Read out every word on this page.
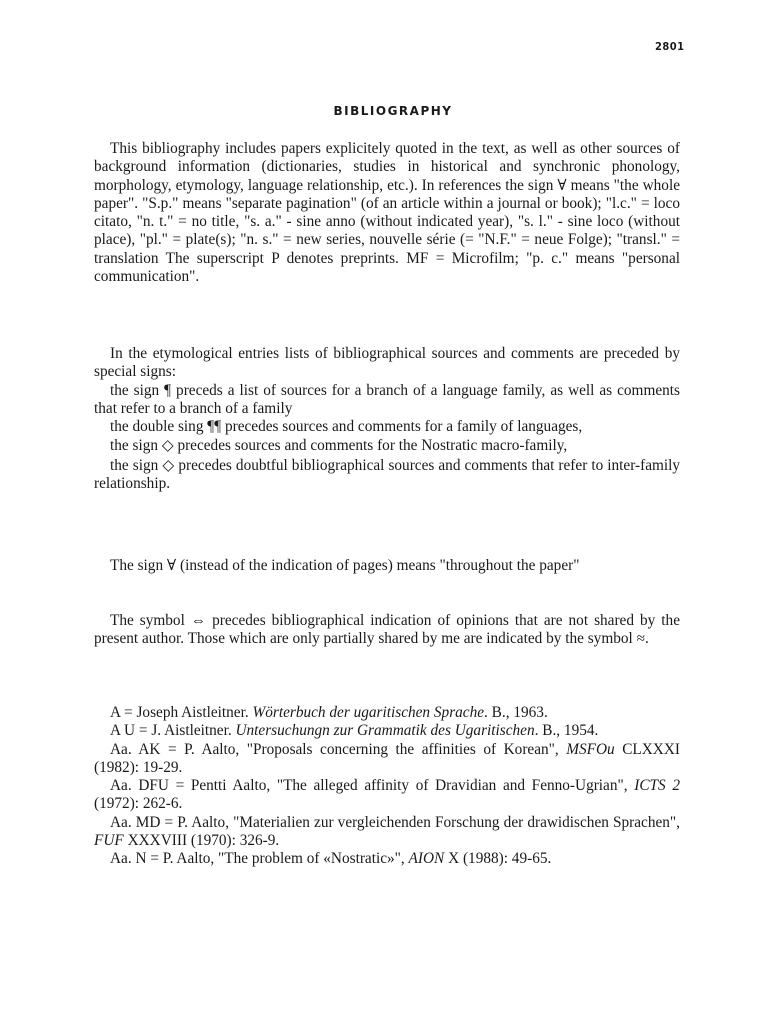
2801
BIBLIOGRAPHY

This bibliography includes papers explicitely quoted in the text, as well as other sources of background information (dictionaries, studies in historical and synchronic phonology, morphology, etymology, language relationship, etc.). In references the sign ∀ means "the whole paper". "S.p." means "separate pagination" (of an article within a journal or book); "l.c." = loco citato, "n. t." = no title, "s. a." - sine anno (without indicated year), "s. l." - sine loco (without place), "pl." = plate(s); "n. s." = new series, nouvelle série (= "N.F." = neue Folge); "transl." = translation The superscript P denotes preprints. MF = Microfilm; "p. c." means "personal communication".

In the etymological entries lists of bibliographical sources and comments are preceded by special signs:
the sign ¶ preceds a list of sources for a branch of a language family, as well as comments that refer to a branch of a family
the double sing ¶¶ precedes sources and comments for a family of languages,
the sign ◇ precedes sources and comments for the Nostratic macro-family,
the sign ◇ precedes doubtful bibliographical sources and comments that refer to inter-family relationship.

The sign ∀ (instead of the indication of pages) means "throughout the paper"

The symbol ⇔ precedes bibliographical indication of opinions that are not shared by the present author. Those which are only partially shared by me are indicated by the symbol ≈.

A = Joseph Aistleitner. Wörterbuch der ugaritischen Sprache. B., 1963.

A U = J. Aistleitner. Untersuchungn zur Grammatik des Ugaritischen. B., 1954.

Aa. AK = P. Aalto, "Proposals concerning the affinities of Korean", MSFOu CLXXXI (1982): 19-29.

Aa. DFU = Pentti Aalto, "The alleged affinity of Dravidian and Fenno-Ugrian", ICTS 2 (1972): 262-6.

Aa. MD = P. Aalto, "Materialien zur vergleichenden Forschung der drawidischen Sprachen", FUF XXXVIII (1970): 326-9.

Aa. N = P. Aalto, "The problem of «Nostratic»", AION X (1988): 49-65.
